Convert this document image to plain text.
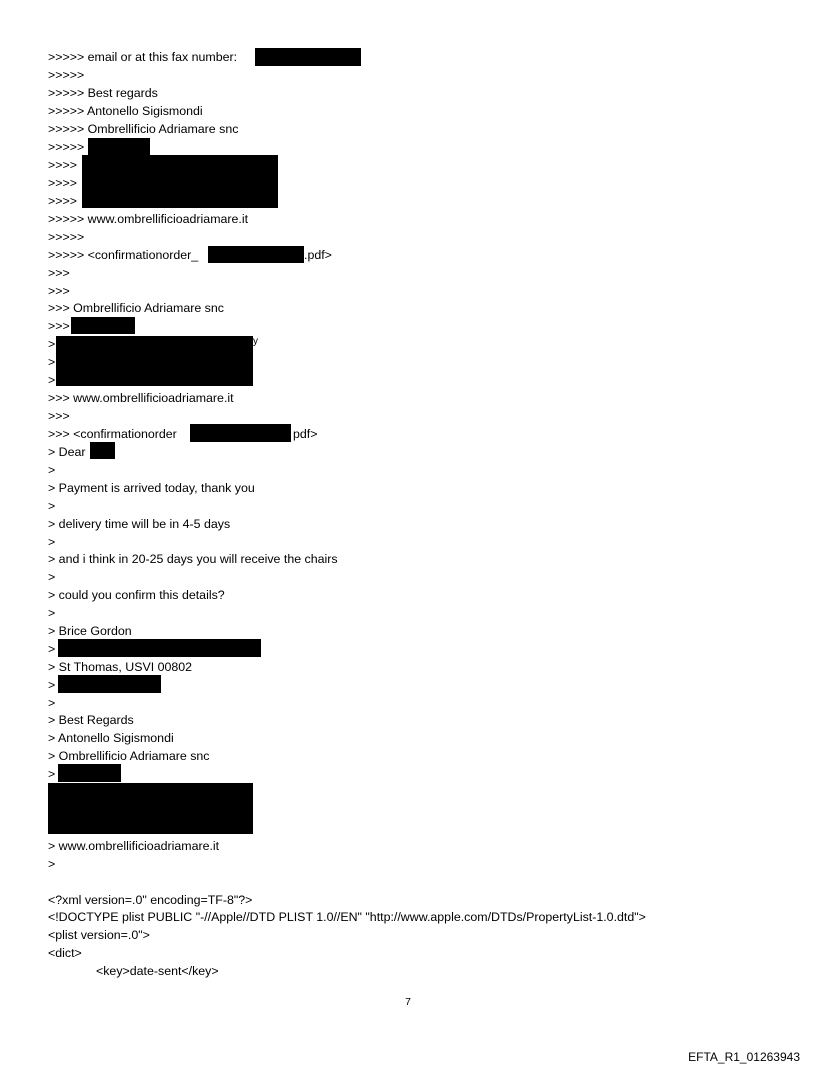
>>>>> email or at this fax number:
>>>>>
>>>>> Best regards
>>>>> Antonello Sigismondi
>>>>> Ombrellificio Adriamare snc
>>>>>
>>>>
>>>>
>>>>
>>>>> www.ombrellificioadriamare.it
>>>>>
>>>>> <confirmationorder_	.pdf>
>>>
>>>
>>> Ombrellificio Adriamare snc
>>>
>
>
>
y
>>> www.ombrellificioadriamare.it
>>>
>>> <confirmationorder	pdf>
> Dear
>
> Payment is arrived today, thank you
>
> delivery time will be in 4-5 days
>
> and i think in 20-25 days you will receive the chairs
>
> could you confirm this details?
>
> Brice Gordon
>
> St Thomas, USVI 00802
>
>
> Best Regards
> Antonello Sigismondi
> Ombrellificio Adriamare snc
>
> www.ombrellificioadriamare.it
>
<?xml version=.0" encoding=TF-8"?>
<!DOCTYPE plist PUBLIC "-//Apple//DTD PLIST 1.0//EN" "http://www.apple.com/DTDs/PropertyList-1.0.dtd">
<plist version=.0">
<dict>
<key>date-sent</key>
7
EFTA_R1_01263943
